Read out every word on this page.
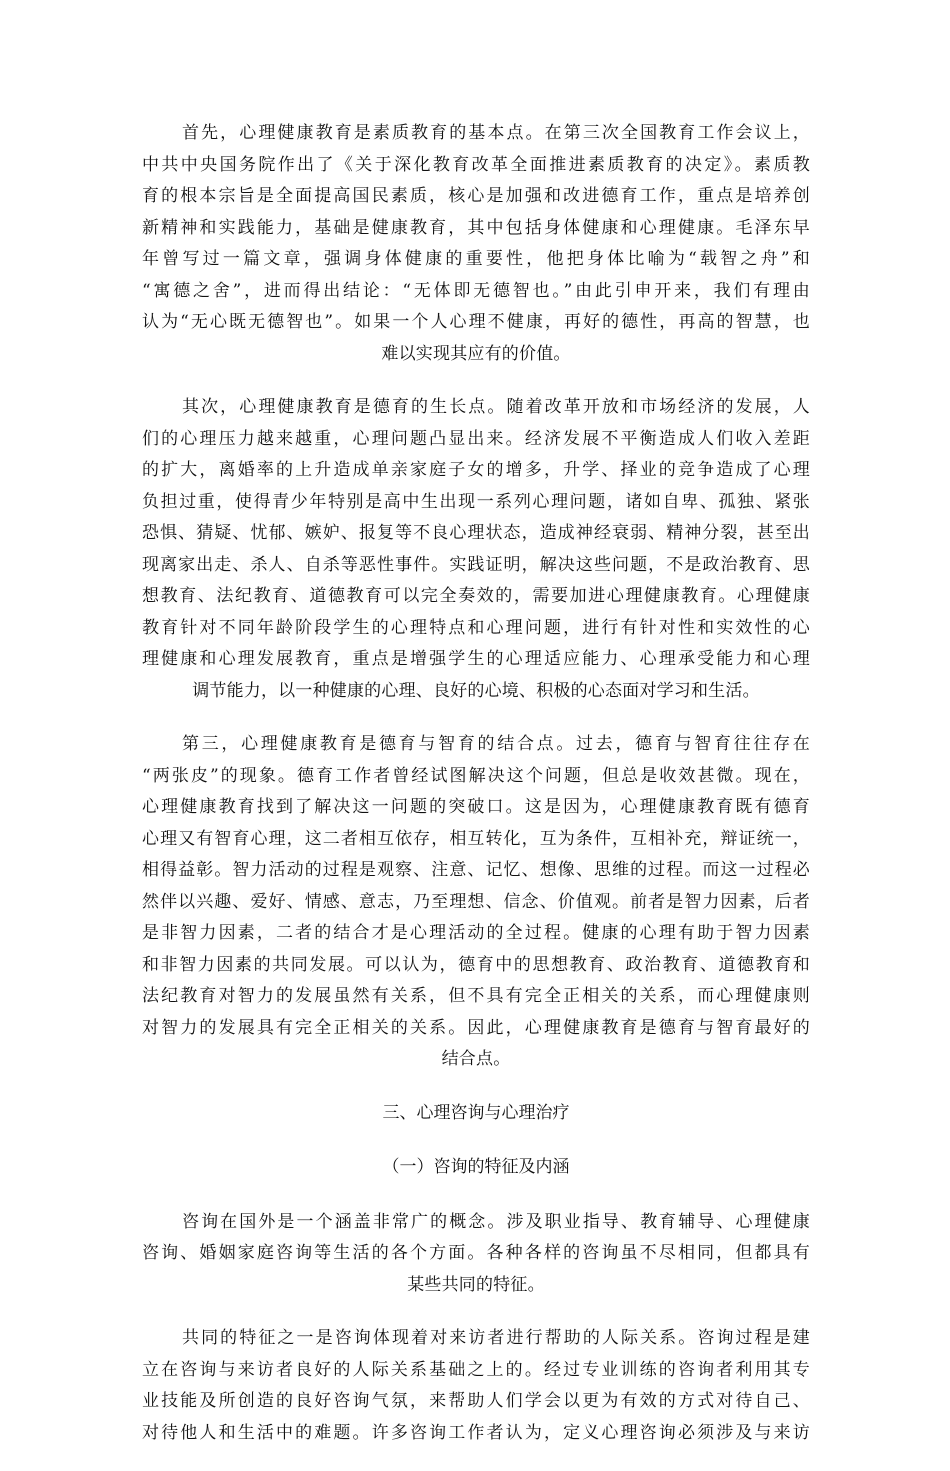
首先，心理健康教育是素质教育的基本点。在第三次全国教育工作会议上，
中共中央国务院作出了《关于深化教育改革全面推进素质教育的决定》。素质教
育的根本宗旨是全面提高国民素质，核心是加强和改进德育工作，重点是培养创
新精神和实践能力，基础是健康教育，其中包括身体健康和心理健康。毛泽东早
年曾写过一篇文章，强调身体健康的重要性，他把身体比喻为“载智之舟”和
“寓德之舍”，进而得出结论：“无体即无德智也。”由此引申开来，我们有理由
认为“无心既无德智也”。如果一个人心理不健康，再好的德性，再高的智慧，也
难以实现其应有的价值。
其次，心理健康教育是德育的生长点。随着改革开放和市场经济的发展，人
们的心理压力越来越重，心理问题凸显出来。经济发展不平衡造成人们收入差距
的扩大，离婚率的上升造成单亲家庭子女的增多，升学、择业的竞争造成了心理
负担过重，使得青少年特别是高中生出现一系列心理问题，诸如自卑、孤独、紧张
恐惧、猜疑、忧郁、嫉妒、报复等不良心理状态，造成神经衰弱、精神分裂，甚至出
现离家出走、杀人、自杀等恶性事件。实践证明，解决这些问题，不是政治教育、思
想教育、法纪教育、道德教育可以完全奏效的，需要加进心理健康教育。心理健康
教育针对不同年龄阶段学生的心理特点和心理问题，进行有针对性和实效性的心
理健康和心理发展教育，重点是增强学生的心理适应能力、心理承受能力和心理
调节能力，以一种健康的心理、良好的心境、积极的心态面对学习和生活。
第三，心理健康教育是德育与智育的结合点。过去，德育与智育往往存在
“两张皮”的现象。德育工作者曾经试图解决这个问题，但总是收效甚微。现在，
心理健康教育找到了解决这一问题的突破口。这是因为，心理健康教育既有德育
心理又有智育心理，这二者相互依存，相互转化，互为条件，互相补充，辩证统一，
相得益彰。智力活动的过程是观察、注意、记忆、想像、思维的过程。而这一过程必
然伴以兴趣、爱好、情感、意志，乃至理想、信念、价值观。前者是智力因素，后者
是非智力因素，二者的结合才是心理活动的全过程。健康的心理有助于智力因素
和非智力因素的共同发展。可以认为，德育中的思想教育、政治教育、道德教育和
法纪教育对智力的发展虽然有关系，但不具有完全正相关的关系，而心理健康则
对智力的发展具有完全正相关的关系。因此，心理健康教育是德育与智育最好的
结合点。
三、心理咨询与心理治疗
（一）咨询的特征及内涵
咨询在国外是一个涵盖非常广的概念。涉及职业指导、教育辅导、心理健康
咨询、婚姻家庭咨询等生活的各个方面。各种各样的咨询虽不尽相同，但都具有
某些共同的特征。
共同的特征之一是咨询体现着对来访者进行帮助的人际关系。咨询过程是建
立在咨询与来访者良好的人际关系基础之上的。经过专业训练的咨询者利用其专
业技能及所创造的良好咨询气氛，来帮助人们学会以更为有效的方式对待自己、
对待他人和生活中的难题。许多咨询工作者认为，定义心理咨询必须涉及与来访
